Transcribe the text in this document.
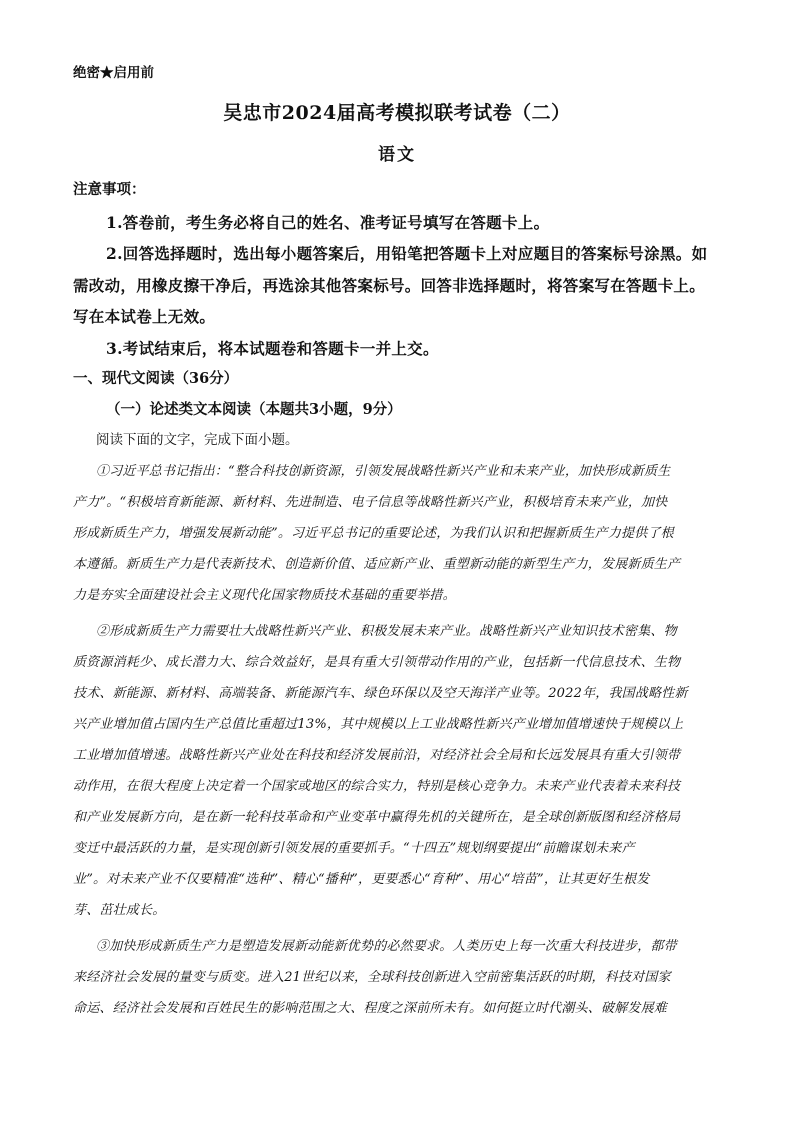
绝密★启用前
吴忠市2024届高考模拟联考试卷（二）
语文
注意事项：
1.答卷前，考生务必将自己的姓名、准考证号填写在答题卡上。
2.回答选择题时，选出每小题答案后，用铅笔把答题卡上对应题目的答案标号涂黑。如
需改动，用橡皮擦干净后，再选涂其他答案标号。回答非选择题时，将答案写在答题卡上。
写在本试卷上无效。
3.考试结束后，将本试题卷和答题卡一并上交。
一、现代文阅读（36分）
（一）论述类文本阅读（本题共3小题，9分）
阅读下面的文字，完成下面小题。
①习近平总书记指出：“整合科技创新资源，引领发展战略性新兴产业和未来产业，加快形成新质生
产力”。“积极培育新能源、新材料、先进制造、电子信息等战略性新兴产业，积极培育未来产业，加快
形成新质生产力，增强发展新动能”。习近平总书记的重要论述，为我们认识和把握新质生产力提供了根
本遵循。新质生产力是代表新技术、创造新价值、适应新产业、重塑新动能的新型生产力，发展新质生产
力是夯实全面建设社会主义现代化国家物质技术基础的重要举措。
②形成新质生产力需要壮大战略性新兴产业、积极发展未来产业。战略性新兴产业知识技术密集、物
质资源消耗少、成长潜力大、综合效益好，是具有重大引领带动作用的产业，包括新一代信息技术、生物
技术、新能源、新材料、高端装备、新能源汽车、绿色环保以及空天海洋产业等。2022年，我国战略性新
兴产业增加值占国内生产总值比重超过13%，其中规模以上工业战略性新兴产业增加值增速快于规模以上
工业增加值增速。战略性新兴产业处在科技和经济发展前沿，对经济社会全局和长远发展具有重大引领带
动作用，在很大程度上决定着一个国家或地区的综合实力，特别是核心竞争力。未来产业代表着未来科技
和产业发展新方向，是在新一轮科技革命和产业变革中赢得先机的关键所在，是全球创新版图和经济格局
变迁中最活跃的力量，是实现创新引领发展的重要抓手。“十四五”规划纲要提出“前瞻谋划未来产
业”。对未来产业不仅要精准“选种”、精心“播种”，更要悉心“育种”、用心“培苗”，让其更好生根发
芽、茁壮成长。
③加快形成新质生产力是塑造发展新动能新优势的必然要求。人类历史上每一次重大科技进步，都带
来经济社会发展的量变与质变。进入21世纪以来，全球科技创新进入空前密集活跃的时期，科技对国家
命运、经济社会发展和百姓民生的影响范围之大、程度之深前所未有。如何挺立时代潮头、破解发展难
